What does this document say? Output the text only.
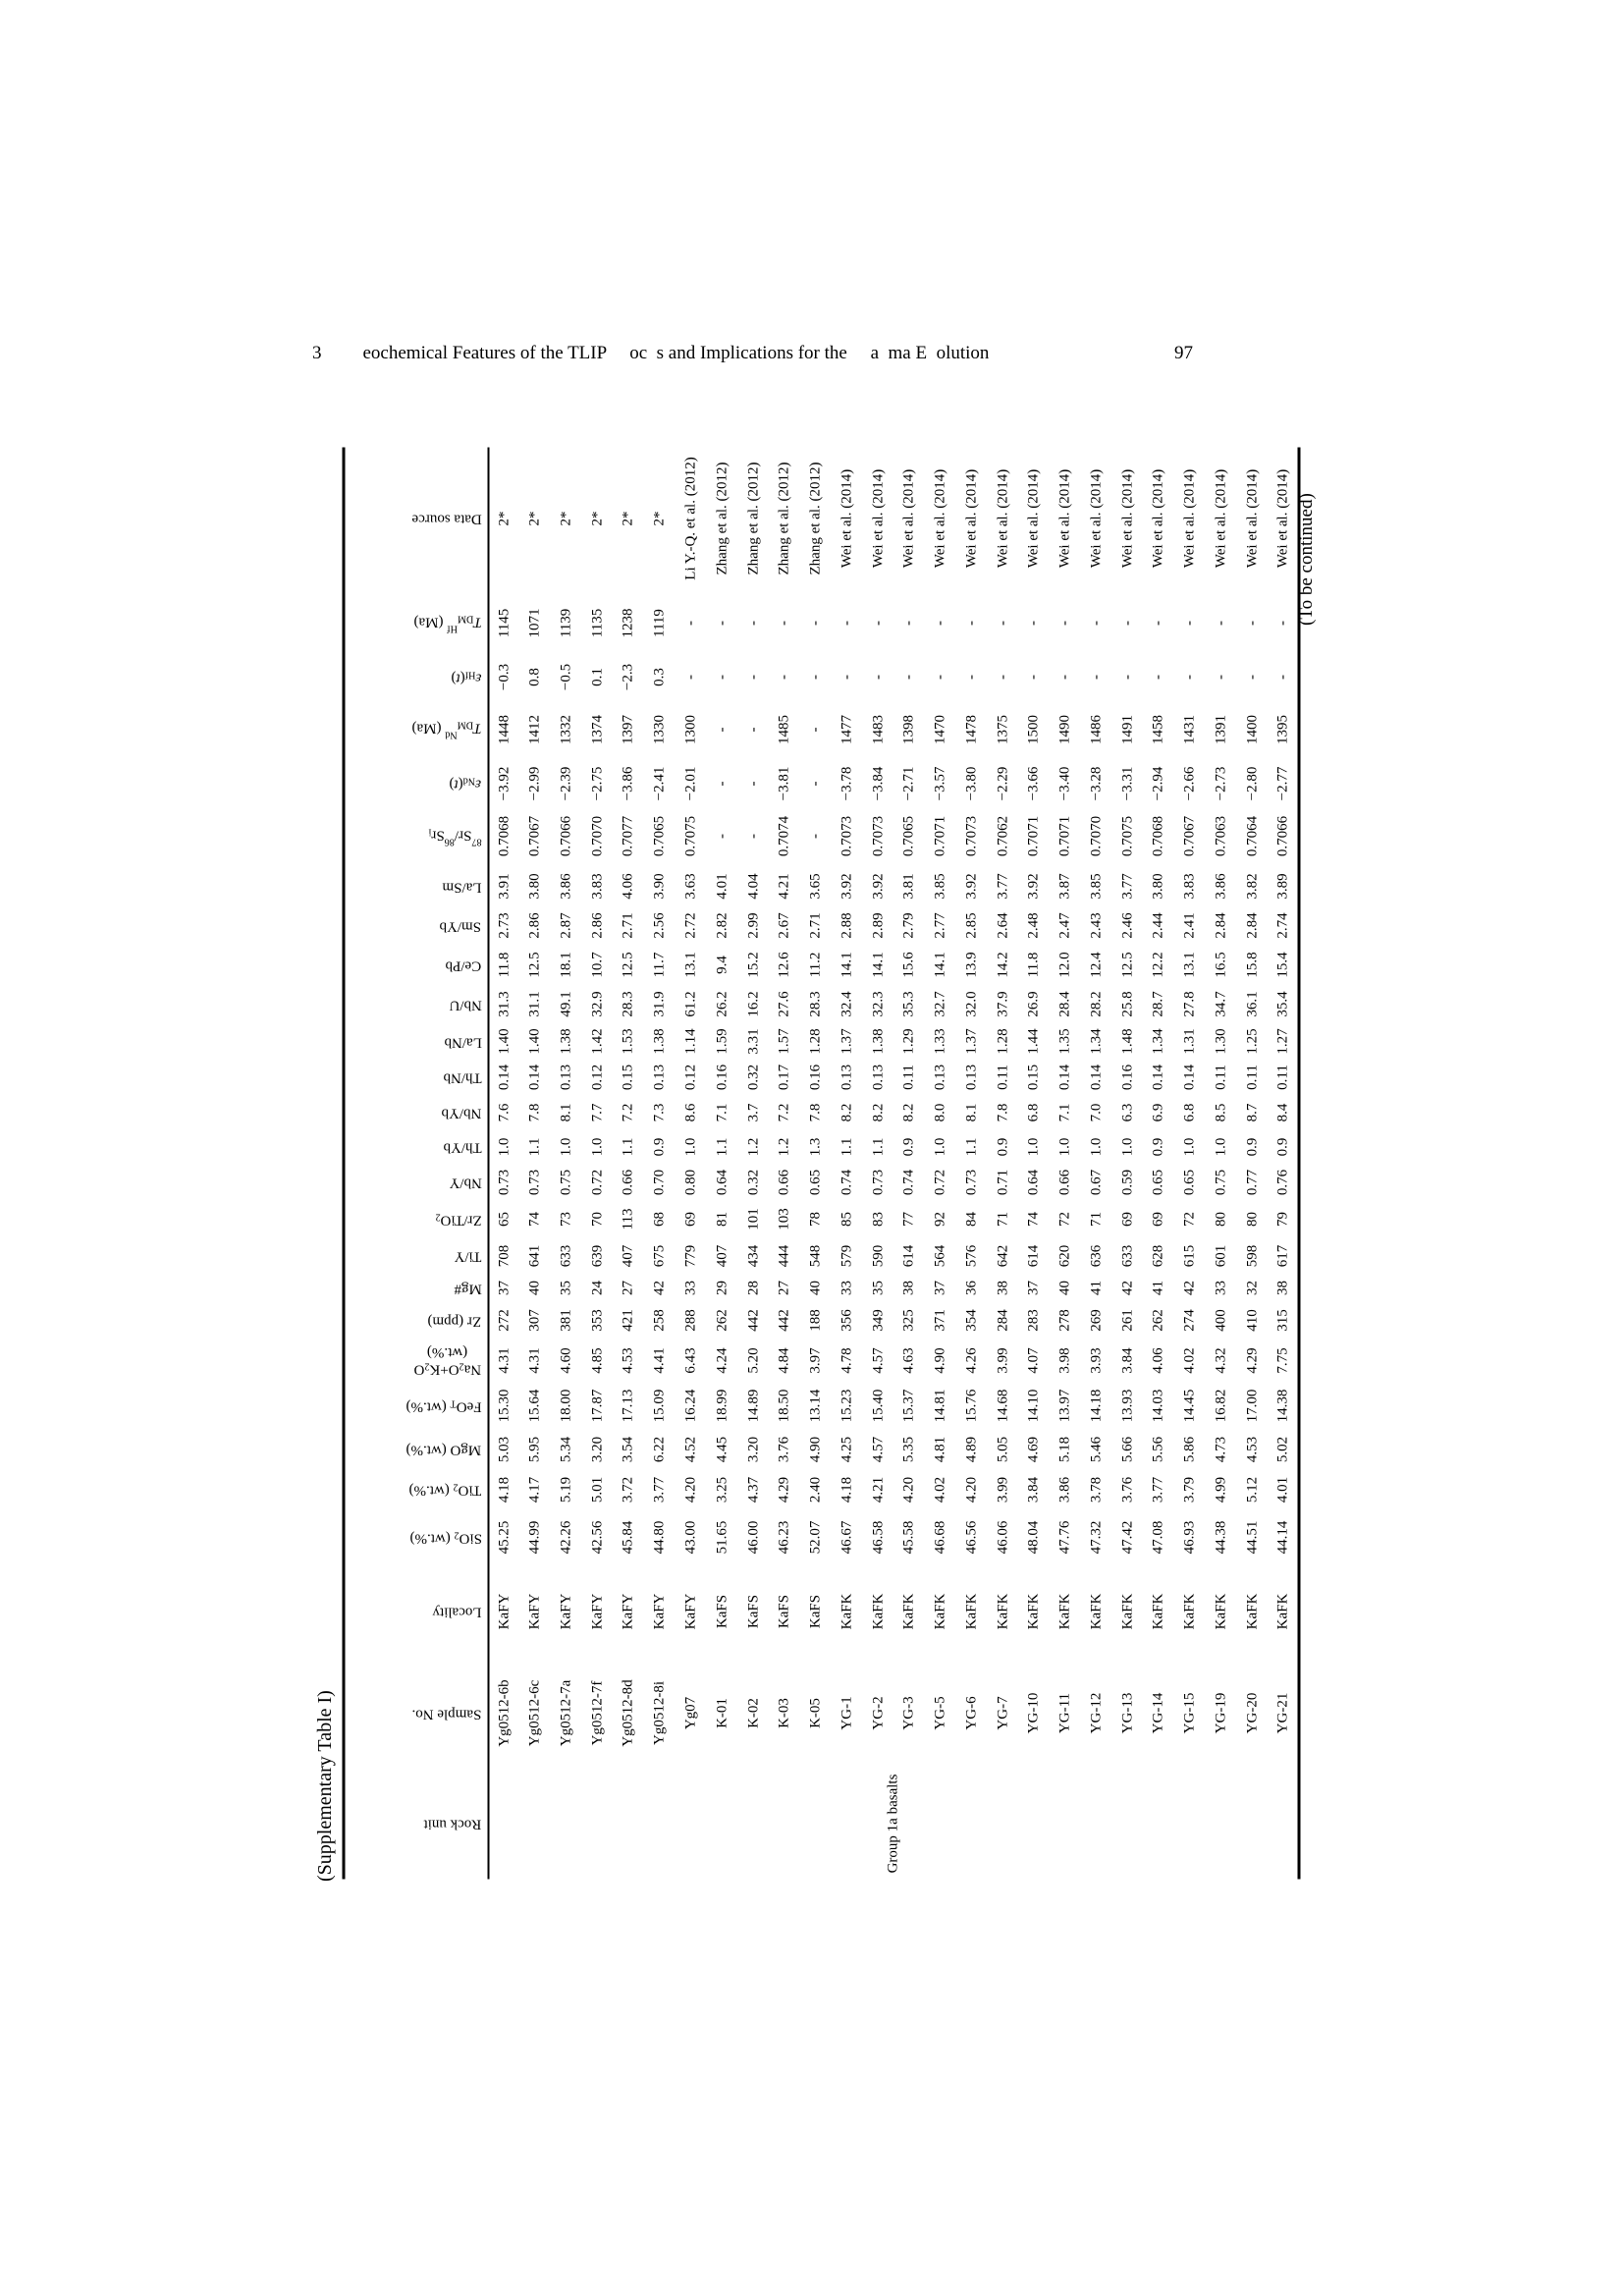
3 eochemical Features of the TLIP     oc  s and Implications for the     a  ma E  olution	97
(Supplementary Table I)
(To be continued)
Rock unit	Sample No.	Locality	SiO$_2$ (wt.%)	TiO$_2$ (wt.%)	MgO (wt.%)	FeO$_T$ (wt.%)	$Na_2O+K_2O$
(wt.%)	Zr (ppm)	Mg#	Ti/Y	Zr/TiO$_2$	Nb/Y	Th/Yb	Nb/Yb	Th/Nb	La/Nb	Nb/U	Ce/Pb	Sm/Yb	La/Sm	$^{87}Sr/^{86}Sr_i$	$\varepsilon_{Nd}(t)$	$T_{DM}^{Nd}$ (Ma)	$\varepsilon_{Hf}(t)$	$T_{DM}^{Hf}$ (Ma)	Data source
Group 1a basalts	Yg0512-6b	KaFY	45.25	4.18	5.03	15.30	4.31	272	37	708	65	0.73	1.0	7.6	0.14	1.40	31.3	11.8	2.73	3.91	0.7068	−3.92	1448	−0.3	1145	2*
	Yg0512-6c	KaFY	44.99	4.17	5.95	15.64	4.31	307	40	641	74	0.73	1.1	7.8	0.14	1.40	31.1	12.5	2.86	3.80	0.7067	−2.99	1412	0.8	1071	2*
	Yg0512-7a	KaFY	42.26	5.19	5.34	18.00	4.60	381	35	633	73	0.75	1.0	8.1	0.13	1.38	49.1	18.1	2.87	3.86	0.7066	−2.39	1332	−0.5	1139	2*
	Yg0512-7f	KaFY	42.56	5.01	3.20	17.87	4.85	353	24	639	70	0.72	1.0	7.7	0.12	1.42	32.9	10.7	2.86	3.83	0.7070	−2.75	1374	0.1	1135	2*
	Yg0512-8d	KaFY	45.84	3.72	3.54	17.13	4.53	421	27	407	113	0.66	1.1	7.2	0.15	1.53	28.3	12.5	2.71	4.06	0.7077	−3.86	1397	−2.3	1238	2*
	Yg0512-8i	KaFY	44.80	3.77	6.22	15.09	4.41	258	42	675	68	0.70	0.9	7.3	0.13	1.38	31.9	11.7	2.56	3.90	0.7065	−2.41	1330	0.3	1119	2*
	Yg07	KaFY	43.00	4.20	4.52	16.24	6.43	288	33	779	69	0.80	1.0	8.6	0.12	1.14	61.2	13.1	2.72	3.63	0.7075	−2.01	1300	-	-	Li Y.-Q. et al. (2012)
	K-01	KaFS	51.65	3.25	4.45	18.99	4.24	262	29	407	81	0.64	1.1	7.1	0.16	1.59	26.2	9.4	2.82	4.01	-	-	-	-	-	Zhang et al. (2012)
	K-02	KaFS	46.00	4.37	3.20	14.89	5.20	442	28	434	101	0.32	1.2	3.7	0.32	3.31	16.2	15.2	2.99	4.04	-	-	-	-	-	Zhang et al. (2012)
	K-03	KaFS	46.23	4.29	3.76	18.50	4.84	442	27	444	103	0.66	1.2	7.2	0.17	1.57	27.6	12.6	2.67	4.21	0.7074	−3.81	1485	-	-	Zhang et al. (2012)
	K-05	KaFS	52.07	2.40	4.90	13.14	3.97	188	40	548	78	0.65	1.3	7.8	0.16	1.28	28.3	11.2	2.71	3.65	-	-	-	-	-	Zhang et al. (2012)
	YG-1	KaFK	46.67	4.18	4.25	15.23	4.78	356	33	579	85	0.74	1.1	8.2	0.13	1.37	32.4	14.1	2.88	3.92	0.7073	−3.78	1477	-	-	Wei et al. (2014)
	YG-2	KaFK	46.58	4.21	4.57	15.40	4.57	349	35	590	83	0.73	1.1	8.2	0.13	1.38	32.3	14.1	2.89	3.92	0.7073	−3.84	1483	-	-	Wei et al. (2014)
	YG-3	KaFK	45.58	4.20	5.35	15.37	4.63	325	38	614	77	0.74	0.9	8.2	0.11	1.29	35.3	15.6	2.79	3.81	0.7065	−2.71	1398	-	-	Wei et al. (2014)
	YG-5	KaFK	46.68	4.02	4.81	14.81	4.90	371	37	564	92	0.72	1.0	8.0	0.13	1.33	32.7	14.1	2.77	3.85	0.7071	−3.57	1470	-	-	Wei et al. (2014)
	YG-6	KaFK	46.56	4.20	4.89	15.76	4.26	354	36	576	84	0.73	1.1	8.1	0.13	1.37	32.0	13.9	2.85	3.92	0.7073	−3.80	1478	-	-	Wei et al. (2014)
	YG-7	KaFK	46.06	3.99	5.05	14.68	3.99	284	38	642	71	0.71	0.9	7.8	0.11	1.28	37.9	14.2	2.64	3.77	0.7062	−2.29	1375	-	-	Wei et al. (2014)
	YG-10	KaFK	48.04	3.84	4.69	14.10	4.07	283	37	614	74	0.64	1.0	6.8	0.15	1.44	26.9	11.8	2.48	3.92	0.7071	−3.66	1500	-	-	Wei et al. (2014)
	YG-11	KaFK	47.76	3.86	5.18	13.97	3.98	278	40	620	72	0.66	1.0	7.1	0.14	1.35	28.4	12.0	2.47	3.87	0.7071	−3.40	1490	-	-	Wei et al. (2014)
	YG-12	KaFK	47.32	3.78	5.46	14.18	3.93	269	41	636	71	0.67	1.0	7.0	0.14	1.34	28.2	12.4	2.43	3.85	0.7070	−3.28	1486	-	-	Wei et al. (2014)
	YG-13	KaFK	47.42	3.76	5.66	13.93	3.84	261	42	633	69	0.59	1.0	6.3	0.16	1.48	25.8	12.5	2.46	3.77	0.7075	−3.31	1491	-	-	Wei et al. (2014)
	YG-14	KaFK	47.08	3.77	5.56	14.03	4.06	262	41	628	69	0.65	0.9	6.9	0.14	1.34	28.7	12.2	2.44	3.80	0.7068	−2.94	1458	-	-	Wei et al. (2014)
	YG-15	KaFK	46.93	3.79	5.86	14.45	4.02	274	42	615	72	0.65	1.0	6.8	0.14	1.31	27.8	13.1	2.41	3.83	0.7067	−2.66	1431	-	-	Wei et al. (2014)
	YG-19	KaFK	44.38	4.99	4.73	16.82	4.32	400	33	601	80	0.75	1.0	8.5	0.11	1.30	34.7	16.5	2.84	3.86	0.7063	−2.73	1391	-	-	Wei et al. (2014)
	YG-20	KaFK	44.51	5.12	4.53	17.00	4.29	410	32	598	80	0.77	0.9	8.7	0.11	1.25	36.1	15.8	2.84	3.82	0.7064	−2.80	1400	-	-	Wei et al. (2014)
	YG-21	KaFK	44.14	4.01	5.02	14.38	7.75	315	38	617	79	0.76	0.9	8.4	0.11	1.27	35.4	15.4	2.74	3.89	0.7066	−2.77	1395	-	-	Wei et al. (2014)
